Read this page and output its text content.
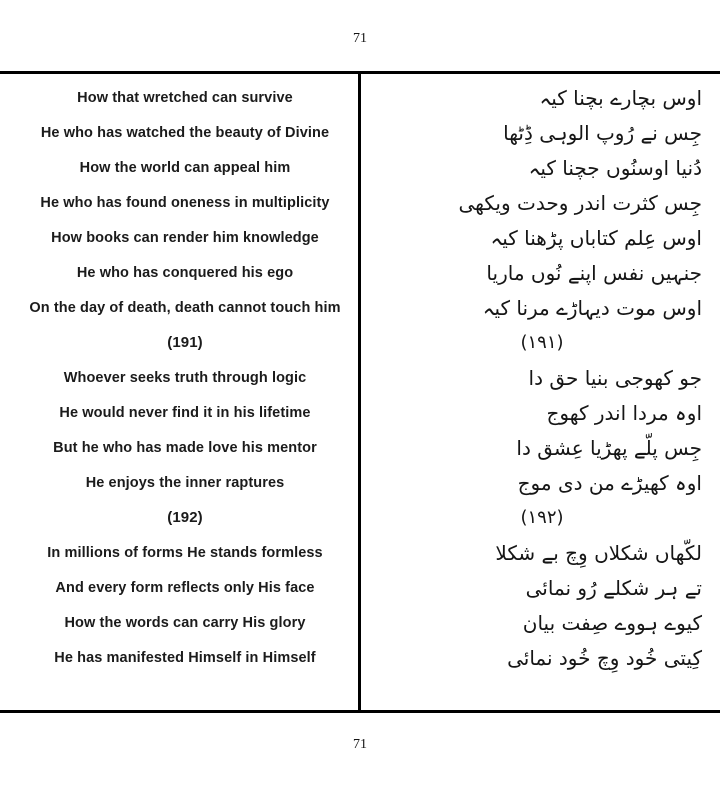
71
How that wretched can survive	اوس بچارے بچنا کیہ
He who has watched the beauty of Divine	جِس نے رُوپ الوہی ڈِٹھا
How the world can appeal him	دُنیا اوسنُوں جچنا کیہ
He who has found oneness in multiplicity	جِس کثرت اندر وحدت ویکھی
How books can render him knowledge	اوس عِلم کتاباں پڑھنا کیہ
He who has conquered his ego	جنہیں نفس اپنے نُوں ماریا
On the day of death, death cannot touch him	اوس موت دیہاڑے مرنا کیہ
(191)	(۱۹۱)
Whoever seeks truth through logic	جو کھوجی بنیا حق دا
He would never find it in his lifetime	اوہ مردا اندر کھوج
But he who has made love his mentor	جِس پلّے پھڑیا عِشق دا
He enjoys the inner raptures	اوہ کھیڑے من دی موج
(192)	(۱۹۲)
In millions of forms He stands formless	لکّھاں شکلاں وِچ بے شکلا
And every form reflects only His face	تے ہر شکلے رُو نمائی
How the words can carry His glory	کیوے ہووے صِفت بیان
He has manifested Himself in Himself	کِیتی خُود وِچ خُود نمائی
71
